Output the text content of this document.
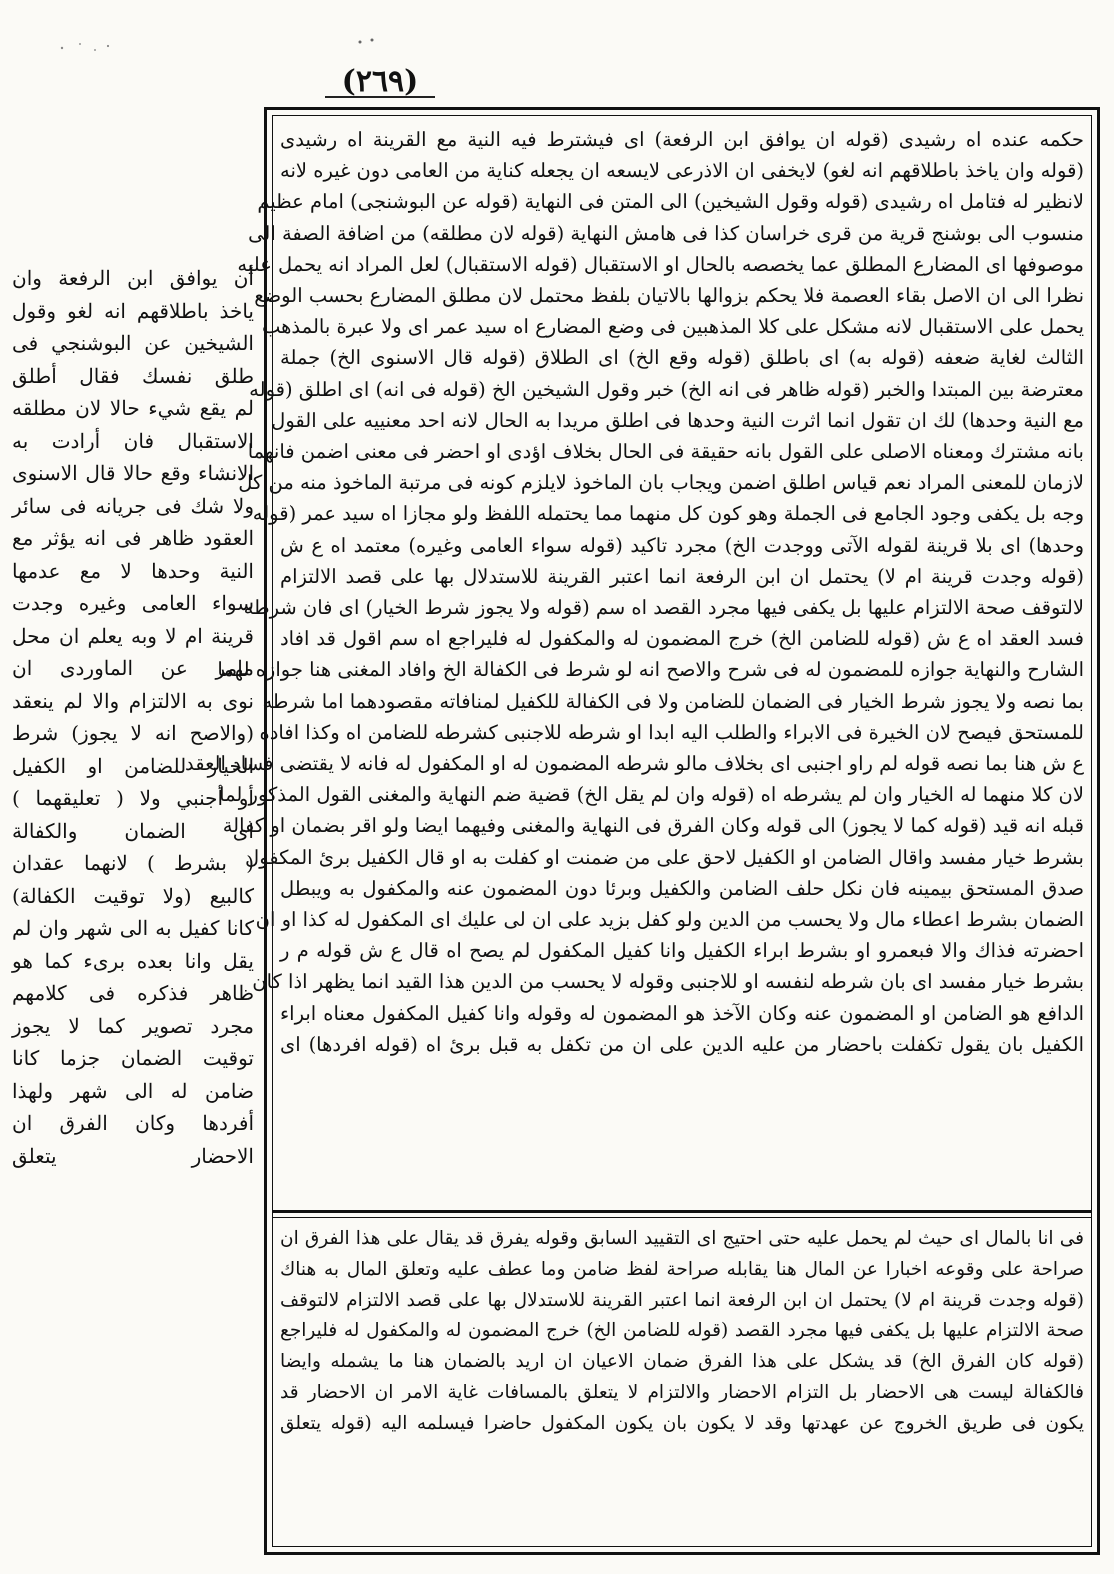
(٢٦٩)
حكمه عنده اه رشيدى (قوله ان يوافق ابن الرفعة) اى فيشترط فيه النية مع القرينة اه رشيدى
(قوله وان ياخذ باطلاقهم انه لغو) لايخفى ان الاذرعى لايسعه ان يجعله كناية من العامى دون غيره لانه
لانظير له فتامل اه رشيدى (قوله وقول الشيخين) الى المتن فى النهاية (قوله عن البوشنجى) امام عظيم
منسوب الى بوشنج قرية من قرى خراسان كذا فى هامش النهاية (قوله لان مطلقه) من اضافة الصفة الى
موصوفها اى المضارع المطلق عما يخصصه بالحال او الاستقبال (قوله الاستقبال) لعل المراد انه يحمل عليه
نظرا الى ان الاصل بقاء العصمة فلا يحكم بزوالها بالاتيان بلفظ محتمل لان مطلق المضارع بحسب الوضع
يحمل على الاستقبال لانه مشكل على كلا المذهبين فى وضع المضارع اه سيد عمر اى ولا عبرة بالمذهب
الثالث لغاية ضعفه (قوله به) اى باطلق (قوله وقع الخ) اى الطلاق (قوله قال الاسنوى الخ) جملة
معترضة بين المبتدا والخبر (قوله ظاهر فى انه الخ) خبر وقول الشيخين الخ (قوله فى انه) اى اطلق (قوله
مع النية وحدها) لك ان تقول انما اثرت النية وحدها فى اطلق مريدا به الحال لانه احد معنييه على القول
بانه مشترك ومعناه الاصلى على القول بانه حقيقة فى الحال بخلاف اؤدى او احضر فى معنى اضمن فانهما
لازمان للمعنى المراد نعم قياس اطلق اضمن ويجاب بان الماخوذ لايلزم كونه فى مرتبة الماخوذ منه من كل
وجه بل يكفى وجود الجامع فى الجملة وهو كون كل منهما مما يحتمله اللفظ ولو مجازا اه سيد عمر (قوله
وحدها) اى بلا قرينة لقوله الآتى ووجدت الخ) مجرد تاكيد (قوله سواء العامى وغيره) معتمد اه ع ش
(قوله وجدت قرينة ام لا) يحتمل ان ابن الرفعة انما اعتبر القرينة للاستدلال بها على قصد الالتزام
لالتوقف صحة الالتزام عليها بل يكفى فيها مجرد القصد اه سم (قوله ولا يجوز شرط الخيار) اى فان شرطه
فسد العقد اه ع ش (قوله للضامن الخ) خرج المضمون له والمكفول له فليراجع اه سم اقول قد افاد
الشارح والنهاية جوازه للمضمون له فى شرح والاصح انه لو شرط فى الكفالة الخ وافاد المغنى هنا جوازه لهما
بما نصه ولا يجوز شرط الخيار فى الضمان للضامن ولا فى الكفالة للكفيل لمنافاته مقصودهما اما شرطه
للمستحق فيصح لان الخيرة فى الابراء والطلب اليه ابدا او شرطه للاجنبى كشرطه للضامن اه وكذا افاده
ع ش هنا بما نصه قوله لم راو اجنبى اى بخلاف مالو شرطه المضمون له او المكفول له فانه لا يقتضى فساد العقد
لان كلا منهما له الخيار وان لم يشرطه اه (قوله وان لم يقل الخ) قضية ضم النهاية والمغنى القول المذكور لما
قبله انه قيد (قوله كما لا يجوز) الى قوله وكان الفرق فى النهاية والمغنى وفيهما ايضا ولو اقر بضمان او كفالة
بشرط خيار مفسد واقال الضامن او الكفيل لاحق على من ضمنت او كفلت به او قال الكفيل برئ المكفول
صدق المستحق بيمينه فان نكل حلف الضامن والكفيل وبرئا دون المضمون عنه والمكفول به ويبطل
الضمان بشرط اعطاء مال ولا يحسب من الدين ولو كفل بزيد على ان لى عليك اى المكفول له كذا او ان
احضرته فذاك والا فبعمرو او بشرط ابراء الكفيل وانا كفيل المكفول لم يصح اه قال ع ش قوله م ر
بشرط خيار مفسد اى بان شرطه لنفسه او للاجنبى وقوله لا يحسب من الدين هذا القيد انما يظهر اذا كان
الدافع هو الضامن او المضمون عنه وكان الآخذ هو المضمون له وقوله وانا كفيل المكفول معناه ابراء
الكفيل بان يقول تكفلت باحضار من عليه الدين على ان من تكفل به قبل برئ اه (قوله افردها) اى
فى انا بالمال اى حيث لم يحمل عليه حتى احتيج اى التقييد السابق وقوله يفرق قد يقال على هذا الفرق ان
صراحة على وقوعه اخبارا عن المال هنا يقابله صراحة لفظ ضامن وما عطف عليه وتعلق المال به هناك
(قوله وجدت قرينة ام لا) يحتمل ان ابن الرفعة انما اعتبر القرينة للاستدلال بها على قصد الالتزام لالتوقف
صحة الالتزام عليها بل يكفى فيها مجرد القصد (قوله للضامن الخ) خرج المضمون له والمكفول له فليراجع
(قوله كان الفرق الخ) قد يشكل على هذا الفرق ضمان الاعيان ان اريد بالضمان هنا ما يشمله وايضا
فالكفالة ليست هى الاحضار بل التزام الاحضار والالتزام لا يتعلق بالمسافات غاية الامر ان الاحضار قد
يكون فى طريق الخروج عن عهدتها وقد لا يكون بان يكون المكفول حاضرا فيسلمه اليه (قوله يتعلق
أن يوافق ابن الرفعة وان
ياخذ باطلاقهم انه لغو وقول
الشيخين عن البوشنجي فى
طلق نفسك فقال أطلق
لم يقع شيء حالا لان مطلقه
الاستقبال فان أرادت به
الانشاء وقع حالا قال الاسنوى
ولا شك فى جريانه فى سائر
العقود ظاهر فى انه يؤثر مع
النية وحدها لا مع عدمها
سواء العامى وغيره وجدت
قرينة ام لا وبه يعلم ان محل
مامر عن الماوردى ان
نوى به الالتزام والا لم ينعقد
(والاصح انه لا يجوز) شرط
الخيار للضامن او الكفيل
أو أجنبي ولا ( تعليقهما )
اى الضمان والكفالة
( بشرط ) لانهما عقدان
كالبيع (ولا توقيت الكفالة)
كانا كفيل به الى شهر وان لم
يقل وانا بعده برىء كما هو
ظاهر فذكره فى كلامهم
مجرد تصوير كما لا يجوز
توقيت الضمان جزما كانا
ضامن له الى شهر ولهذا
أفردها وكان الفرق ان
الاحضار يتعلق
